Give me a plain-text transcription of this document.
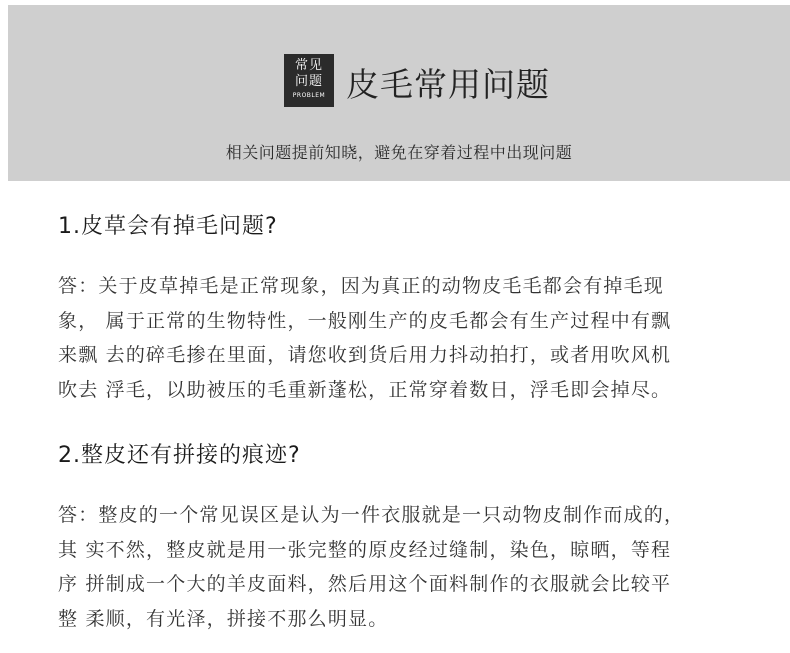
常见
问题
PROBLEM 皮毛常用问题
相关问题提前知晓，避免在穿着过程中出现问题
1.皮草会有掉毛问题?
答：关于皮草掉毛是正常现象，因为真正的动物皮毛毛都会有掉毛现
象， 属于正常的生物特性，一般刚生产的皮毛都会有生产过程中有飘
来飘 去的碎毛掺在里面，请您收到货后用力抖动拍打，或者用吹风机
吹去 浮毛，以助被压的毛重新蓬松，正常穿着数日，浮毛即会掉尽。
2.整皮还有拼接的痕迹?
答：整皮的一个常见误区是认为一件衣服就是一只动物皮制作而成的，
其 实不然，整皮就是用一张完整的原皮经过缝制，染色，晾晒，等程
序 拼制成一个大的羊皮面料，然后用这个面料制作的衣服就会比较平
整 柔顺，有光泽，拼接不那么明显。
